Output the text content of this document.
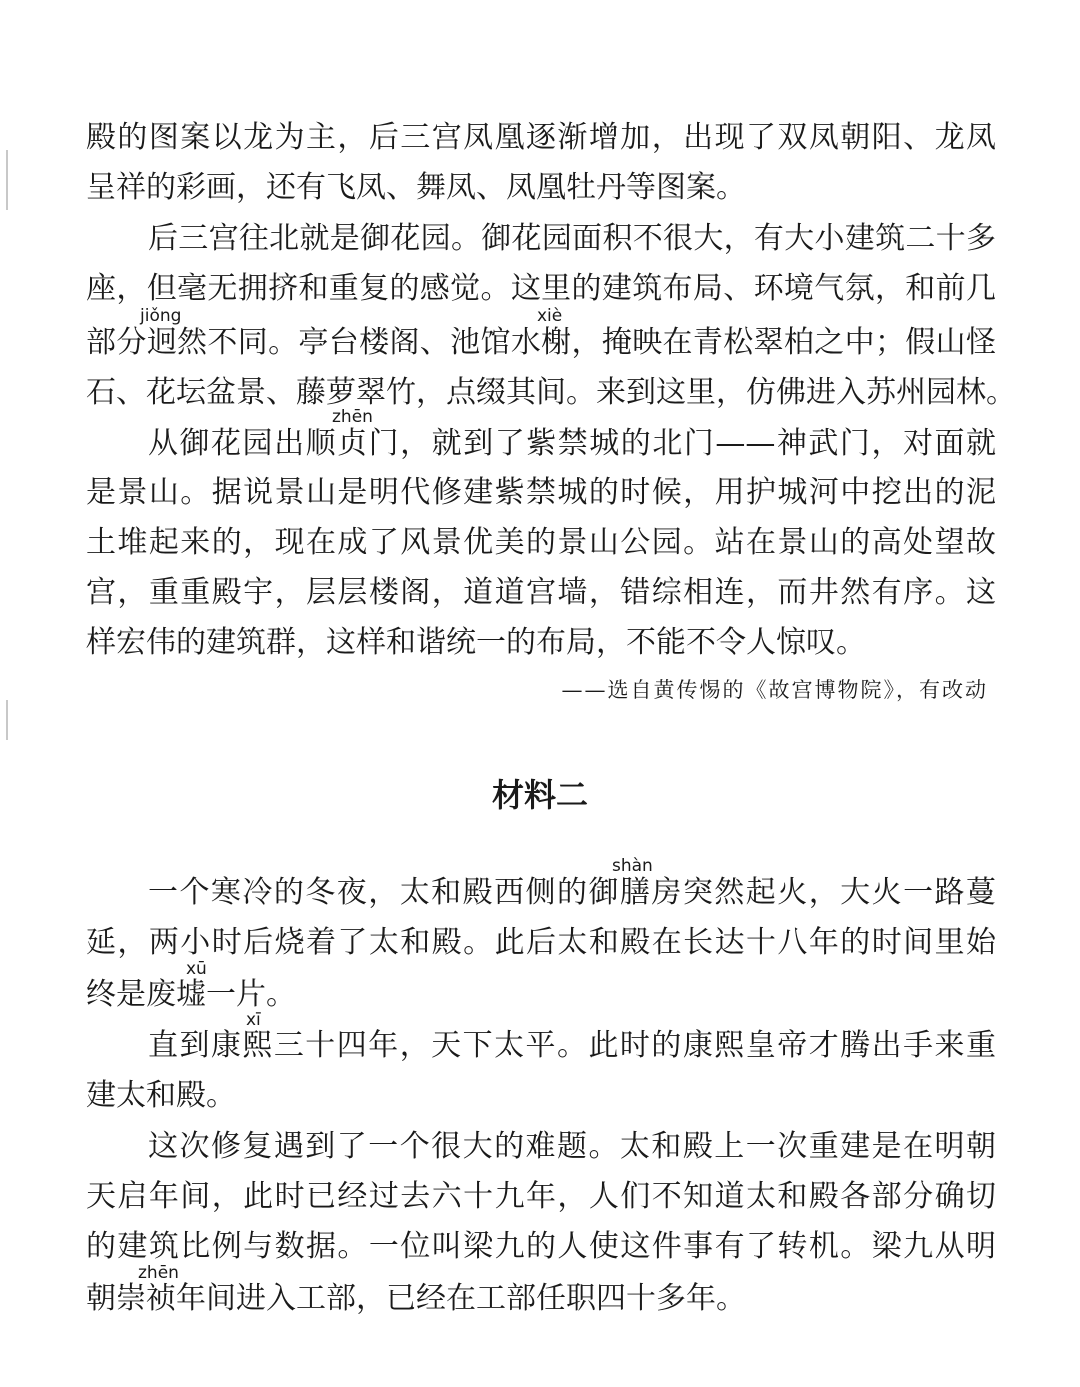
殿的图案以龙为主，后三宫凤凰逐渐增加，出现了双凤朝阳、龙凤
呈祥的彩画，还有飞凤、舞凤、凤凰牡丹等图案。
后三宫往北就是御花园。御花园面积不很大，有大小建筑二十多
座，但毫无拥挤和重复的感觉。这里的建筑布局、环境气氛，和前几
jiǒng	xiè
部分迥然不同。亭台楼阁、池馆水榭，掩映在青松翠柏之中；假山怪
石、花坛盆景、藤萝翠竹，点缀其间。来到这里，仿佛进入苏州园林。
zhēn
从御花园出顺贞门，就到了紫禁城的北门——神武门，对面就
是景山。据说景山是明代修建紫禁城的时候，用护城河中挖出的泥
土堆起来的，现在成了风景优美的景山公园。站在景山的高处望故
宫，重重殿宇，层层楼阁，道道宫墙，错综相连，而井然有序。这
样宏伟的建筑群，这样和谐统一的布局，不能不令人惊叹。
——选自黄传惕的《故宫博物院》，有改动
材料二
shàn
一个寒冷的冬夜，太和殿西侧的御膳房突然起火，大火一路蔓
延，两小时后烧着了太和殿。此后太和殿在长达十八年的时间里始
xū
终是废墟一片。
xī
直到康熙三十四年，天下太平。此时的康熙皇帝才腾出手来重
建太和殿。
这次修复遇到了一个很大的难题。太和殿上一次重建是在明朝
天启年间，此时已经过去六十九年，人们不知道太和殿各部分确切
的建筑比例与数据。一位叫梁九的人使这件事有了转机。梁九从明
zhēn
朝崇祯年间进入工部，已经在工部任职四十多年。
